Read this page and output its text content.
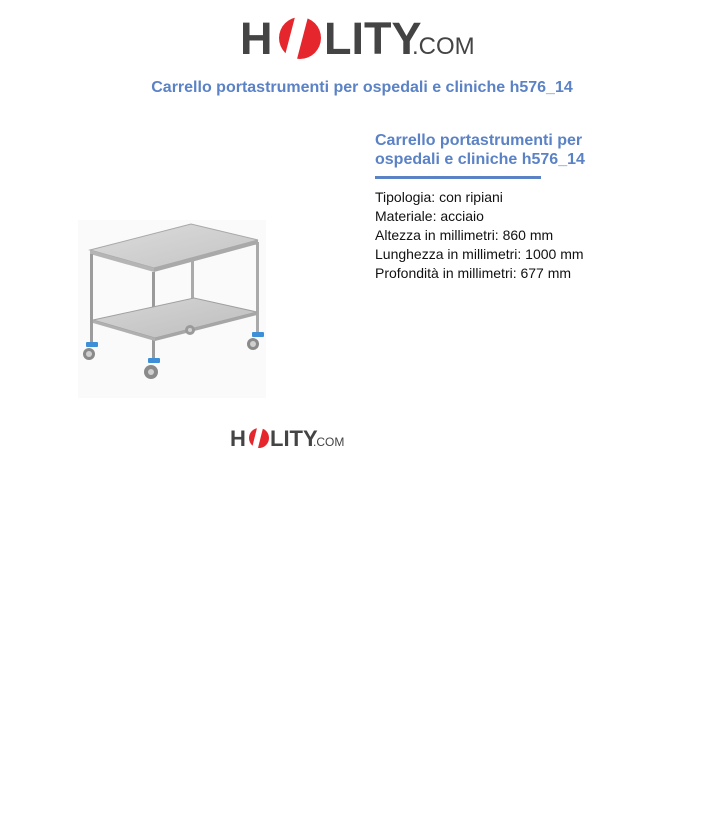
H LITY
.COM
Carrello portastrumenti per ospedali e cliniche h576_14
H LITY
.COM
Carrello portastrumenti per ospedali e cliniche h576_14
Tipologia: con ripiani
Materiale: acciaio
Altezza in millimetri: 860 mm
Lunghezza in millimetri: 1000 mm
Profondità in millimetri: 677 mm
